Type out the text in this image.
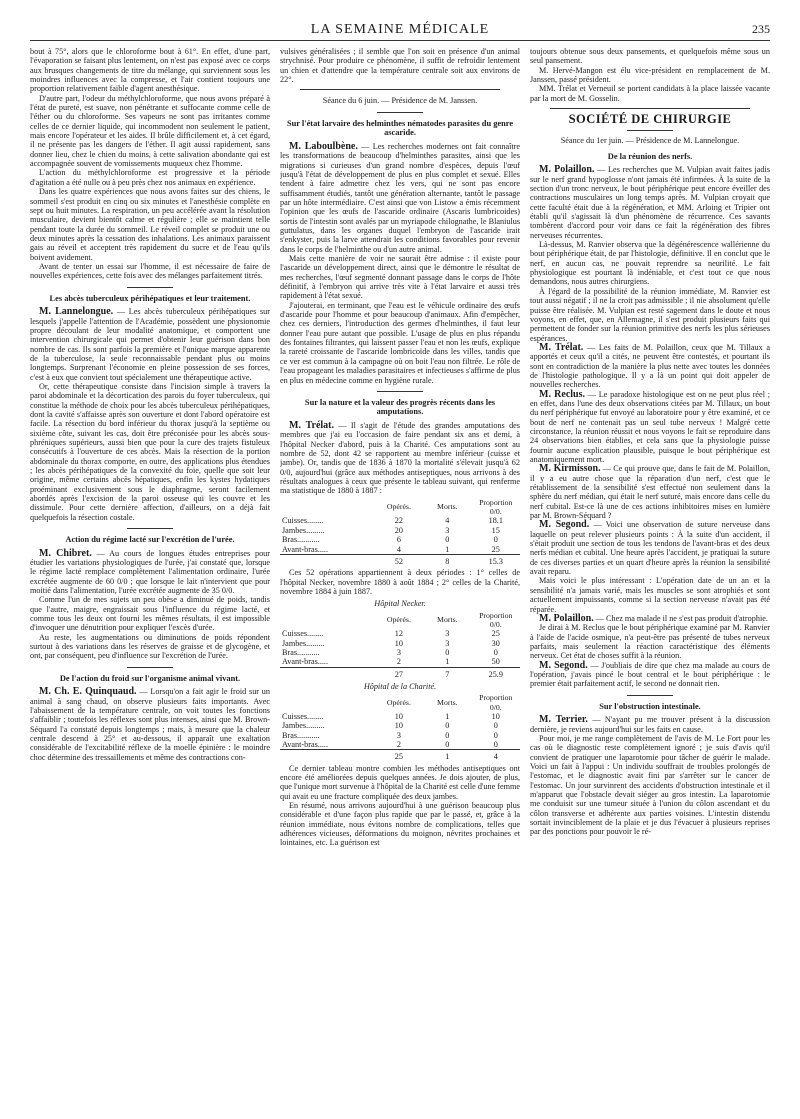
LA SEMAINE MÉDICALE	235

bout à 75°, alors que le chloroforme bout à 61°. En effet, d'une part, l'évaporation se faisant plus lentement, on n'est pas exposé avec ce corps aux brusques changements de titre du mélange, qui surviennent sous les moindres influences avec la compresse, et l'air contient toujours une proportion relativement faible d'agent anesthésique.

D'autre part, l'odeur du méthylchloroforme, que nous avons préparé à l'état de pureté, est suave, non pénétrante et suffocante comme celle de l'éther ou du chloroforme. Ses vapeurs ne sont pas irritantes comme celles de ce dernier liquide, qui incommodent non seulement le patient, mais encore l'opérateur et les aides. Il brûle difficilement et, à cet égard, il ne présente pas les dangers de l'éther. Il agit aussi rapidement, sans donner lieu, chez le chien du moins, à cette salivation abondante qui est accompagnée souvent de vomissements muqueux chez l'homme.

L'action du méthylchloroforme est progressive et la période d'agitation a été nulle ou à peu près chez nos animaux en expérience.

Dans les quatre expériences que nous avons faites sur des chiens, le sommeil s'est produit en cinq ou six minutes et l'anesthésie complète en sept ou huit minutes. La respiration, un peu accélérée avant la résolution musculaire, devient bientôt calme et régulière ; elle se maintient telle pendant toute la durée du sommeil. Le réveil complet se produit une ou deux minutes après la cessation des inhalations. Les animaux paraissent gais au réveil et acceptent très rapidement du sucre et de l'eau qu'ils boivent avidement.

Avant de tenter un essai sur l'homme, il est nécessaire de faire de nouvelles expériences, cette fois avec des mélanges parfaitement titrés.

Les abcès tuberculeux périhépatiques et leur traitement.

M. Lannelongue. — Les abcès tuberculeux périhépatiques sur lesquels j'appelle l'attention de l'Académie, possèdent une physionomie propre découlant de leur modalité anatomique, et comportent une intervention chirurgicale qui permet d'obtenir leur guérison dans bon nombre de cas. Ils sont parfois la première et l'unique marque apparente de la tuberculose, la seule reconnaissable pendant plus ou moins longtemps. Surprenant l'économie en pleine possession de ses forces, c'est à eux que convient tout spécialement une thérapeutique active.

Or, cette thérapeutique consiste dans l'incision simple à travers la paroi abdominale et la décortication des parois du foyer tuberculeux, qui constitue la méthode de choix pour les abcès tuberculeux périhépatiques, dont la cavité s'affaisse après son ouverture et dont l'abord opératoire est facile. La résection du bord inférieur du thorax jusqu'à la septième ou sixième côte, suivant les cas, doit être préconisée pour les abcès sous-phréniques supérieurs, aussi bien que pour la cure des trajets fistuleux consécutifs à l'ouverture de ces abcès. Mais la résection de la portion abdominale du thorax comporte, en outre, des applications plus étendues ; les abcès périhépatiques de la convexité du foie, quelle que soit leur origine, même certains abcès hépatiques, enfin les kystes hydatiques proéminant exclusivement sous le diaphragme, seront facilement abordés après l'excision de la paroi osseuse qui les couvre et les dissimule. Pour cette dernière affection, d'ailleurs, on a déjà fait quelquefois la résection costale.

Action du régime lacté sur l'excrétion de l'urée.

M. Chibret. — Au cours de longues études entreprises pour étudier les variations physiologiques de l'urée, j'ai constaté que, lorsque le régime lacté remplace complètement l'alimentation ordinaire, l'urée excrétée augmente de 60 0/0 ; que lorsque le lait n'intervient que pour moitié dans l'alimentation, l'urée excrétée augmente de 35 0/0.

Comme l'un de mes sujets un peu obèse a diminué de poids, tandis que l'autre, maigre, engraissait sous l'influence du régime lacté, et comme tous les deux ont fourni les mêmes résultats, il est impossible d'invoquer une dénutrition pour expliquer l'excès d'urée.

Au reste, les augmentations ou diminutions de poids répondent surtout à des variations dans les réserves de graisse et de glycogène, et ont, par conséquent, peu d'influence sur l'excrétion de l'urée.

De l'action du froid sur l'organisme animal vivant.

M. Ch. E. Quinquaud. — Lorsqu'on a fait agir le froid sur un animal à sang chaud, on observe plusieurs faits importants. Avec l'abaissement de la température centrale, on voit toutes les fonctions s'affaiblir ; toutefois les réflexes sont plus intenses, ainsi que M. Brown-Séquard l'a constaté depuis longtemps ; mais, à mesure que la chaleur centrale descend à 25° et au-dessous, il apparaît une exaltation considérable de l'excitabilité réflexe de la moelle épinière : le moindre choc détermine des tressaillements et même des contractions con-

vulsives généralisées ; il semble que l'on soit en présence d'un animal strychnisé. Pour produire ce phénomène, il suffit de refroidir lentement un chien et d'attendre que la température centrale soit aux environs de 22°.

Séance du 6 juin. — Présidence de M. Janssen.

Sur l'état larvaire des helminthes nématodes parasites du genre ascaride.

M. Laboulbène. — Les recherches modernes ont fait connaître les transformations de beaucoup d'helminthes parasites, ainsi que les migrations si curieuses d'un grand nombre d'espèces, depuis l'œuf jusqu'à l'état de développement de plus en plus complet et sexué. Elles tendent à faire admettre chez les vers, qui ne sont pas encore suffisamment étudiés, tantôt une génération alternante, tantôt le passage par un hôte intermédiaire. C'est ainsi que von Listow a émis récemment l'opinion que les œufs de l'ascaride ordinaire (Ascaris lumbricoides) sortis de l'intestin sont avalés par un myriapode chilognathe, le Blaniulus guttulatus, dans les organes duquel l'embryon de l'ascaride irait s'enkyster, puis la larve attendrait les conditions favorables pour revenir dans le corps de l'helminthe ou d'un autre animal.

Mais cette manière de voir ne saurait être admise : il existe pour l'ascaride un développement direct, ainsi que le démontre le résultat de mes recherches, l'œuf segmenté donnant passage dans le corps de l'hôte définitif, à l'embryon qui arrive très vite à l'état larvaire et aussi très rapidement à l'état sexué.

J'ajouterai, en terminant, que l'eau est le véhicule ordinaire des œufs d'ascaride pour l'homme et pour beaucoup d'animaux. Afin d'empêcher, chez ces derniers, l'introduction des germes d'helminthes, il faut leur donner l'eau pure autant que possible. L'usage de plus en plus répandu des fontaines filtrantes, qui laissent passer l'eau et non les œufs, explique la rareté croissante de l'ascaride lombricoïde dans les villes, tandis que ce ver est commun à la campagne où on boit l'eau non filtrée. Le rôle de l'eau propageant les maladies parasitaires et infectieuses s'affirme de plus en plus en médecine comme en hygiène rurale.

Sur la nature et la valeur des progrès récents dans les amputations.

M. Trélat. — Il s'agit de l'étude des grandes amputations des membres que j'ai eu l'occasion de faire pendant six ans et demi, à l'hôpital Necker d'abord, puis à la Charité. Ces amputations sont au nombre de 52, dont 42 se rapportent au membre inférieur (cuisse et jambe). Or, tandis que de 1836 à 1870 la mortalité s'élevait jusqu'à 62 0/0, aujourd'hui (grâce aux méthodes antiseptiques, nous arrivons à des résultats analogues à ceux que présente le tableau suivant, qui renferme ma statistique de 1880 à 1887 :

	Opérés.	Morts.	Proportion 0/0.
Cuisses........	22	4	18.1
Jambes.........	20	3	15
Bras...........	6	0	0
Avant-bras.....	4	1	25
	52	8	15.3

Ces 52 opérations appartiennent à deux périodes : 1° celles de l'hôpital Necker, novembre 1880 à août 1884 ; 2° celles de la Charité, novembre 1884 à juin 1887.

Hôpital Necker.
	Opérés.	Morts.	Proportion 0/0.
Cuisses........	12	3	25
Jambes.........	10	3	30
Bras...........	3	0	0
Avant-bras.....	2	1	50
	27	7	25.9
Hôpital de la Charité.
	Opérés.	Morts.	Proportion 0/0.
Cuisses........	10	1	10
Jambes.........	10	0	0
Bras...........	3	0	0
Avant-bras.....	2	0	0
	25	1	4

Ce dernier tableau montre combien les méthodes antiseptiques ont encore été améliorées depuis quelques années. Je dois ajouter, de plus, que l'unique mort survenue à l'hôpital de la Charité est celle d'une femme qui avait eu une fracture compliquée des deux jambes.

En résumé, nous arrivons aujourd'hui à une guérison beaucoup plus considérable et d'une façon plus rapide que par le passé, et, grâce à la réunion immédiate, nous évitons nombre de complications, telles que adhérences vicieuses, déformations du moignon, névrites prochaines et lointaines, etc. La guérison est

toujours obtenue sous deux pansements, et quelquefois même sous un seul pansement.

M. Hervé-Mangon est élu vice-président en remplacement de M. Janssen, passé président.

MM. Trélat et Verneuil se portent candidats à la place laissée vacante par la mort de M. Gosselin.

SOCIÉTÉ DE CHIRURGIE

Séance du 1er juin. — Présidence de M. Lannelongue.

De la réunion des nerfs.

M. Polaillon. — Les recherches que M. Vulpian avait faites jadis sur le nerf grand hypoglosse n'ont jamais été infirmées. À la suite de la section d'un tronc nerveux, le bout périphérique peut encore éveiller des contractions musculaires un long temps après. M. Vulpian croyait que cette faculté était due à la régénération, et MM. Arloing et Tripier ont établi qu'il s'agissait là d'un phénomène de récurrence. Ces savants tombèrent d'accord pour voir dans ce fait la régénération des fibres nerveuses récurrentes.

Là-dessus, M. Ranvier observa que la dégénérescence wallérienne du bout périphérique était, de par l'histologie, définitive. Il en conclut que le nerf, en aucun cas, ne pouvait reprendre sa neurilité. Le fait physiologique est pourtant là indéniable, et c'est tout ce que nous demandons, nous autres chirurgiens.

À l'égard de la possibilité de la réunion immédiate, M. Ranvier est tout aussi négatif ; il ne la croit pas admissible ; il nie absolument qu'elle puisse être réalisée. M. Vulpian est resté sagement dans le doute et nous voyons, en effet, que, en Allemagne, il s'est produit plusieurs faits qui permettent de fonder sur la réunion primitive des nerfs les plus sérieuses espérances.

M. Trélat. — Les faits de M. Polaillon, ceux que M. Tillaux a apportés et ceux qu'il a cités, ne peuvent être contestés, et pourtant ils sont en contradiction de la manière la plus nette avec toutes les données de l'histologie pathologique. Il y a là un point qui doit appeler de nouvelles recherches.

M. Reclus. — Le paradoxe histologique est on ne peut plus réel ; en effet, dans l'une des deux observations citées par M. Tillaux, un bout du nerf périphérique fut envoyé au laboratoire pour y être examiné, et ce bout de nerf ne contenait pas un seul tube nerveux ! Malgré cette circonstance, la réunion réussit et nous voyons le fait se reproduire dans 24 observations bien établies, et cela sans que la physiologie puisse fournir aucune explication plausible, puisque le bout périphérique est anatomiquement mort.

M. Kirmisson. — Ce qui prouve que, dans le fait de M. Polaillon, il y a eu autre chose que la réparation d'un nerf, c'est que le rétablissement de la sensibilité s'est effectué non seulement dans la sphère du nerf médian, qui était le nerf suturé, mais encore dans celle du nerf cubital. Est-ce là une de ces actions inhibitoires mises en lumière par M. Brown-Séquard ?

M. Segond. — Voici une observation de suture nerveuse dans laquelle on peut relever plusieurs points : À la suite d'un accident, il s'était produit une section de tous les tendons de l'avant-bras et des deux nerfs médian et cubital. Une heure après l'accident, je pratiquai la suture de ces diverses parties et un quart d'heure après la réunion la sensibilité avait reparu.

Mais voici le plus intéressant : L'opération date de un an et la sensibilité n'a jamais varié, mais les muscles se sont atrophiés et sont actuellement impuissants, comme si la section nerveuse n'avait pas été réparée.

M. Polaillon. — Chez ma malade il ne s'est pas produit d'atrophie.

Je dirai à M. Reclus que le bout périphérique examiné par M. Ranvier à l'aide de l'acide osmique, n'a peut-être pas présenté de tubes nerveux parfaits, mais seulement la réaction caractéristique des éléments nerveux. Cet état de choses suffit à la réunion.

M. Segond. — J'oubliais de dire que chez ma malade au cours de l'opération, j'avais pincé le bout central et le bout périphérique : le premier était parfaitement actif, le second ne donnait rien.

Sur l'obstruction intestinale.

M. Terrier. — N'ayant pu me trouver présent à la discussion dernière, je reviens aujourd'hui sur les faits en cause.

Pour moi, je me range complètement de l'avis de M. Le Fort pour les cas où le diagnostic reste complètement ignoré ; je suis d'avis qu'il convient de pratiquer une laparotomie pour tâcher de guérir le malade. Voici un fait à l'appui : Un individu souffrait de troubles prolongés de l'estomac, et le diagnostic avait fini par s'arrêter sur le cancer de l'estomac. Un jour survinrent des accidents d'obstruction intestinale et il m'apparut que l'obstacle devait siéger au gros intestin. La laparotomie me conduisit sur une tumeur située à l'union du côlon ascendant et du côlon transverse et adhérente aux parties voisines. L'intestin distendu sortait invinciblement de la plaie et je dus l'évacuer à plusieurs reprises par des ponctions pour pouvoir le ré-
